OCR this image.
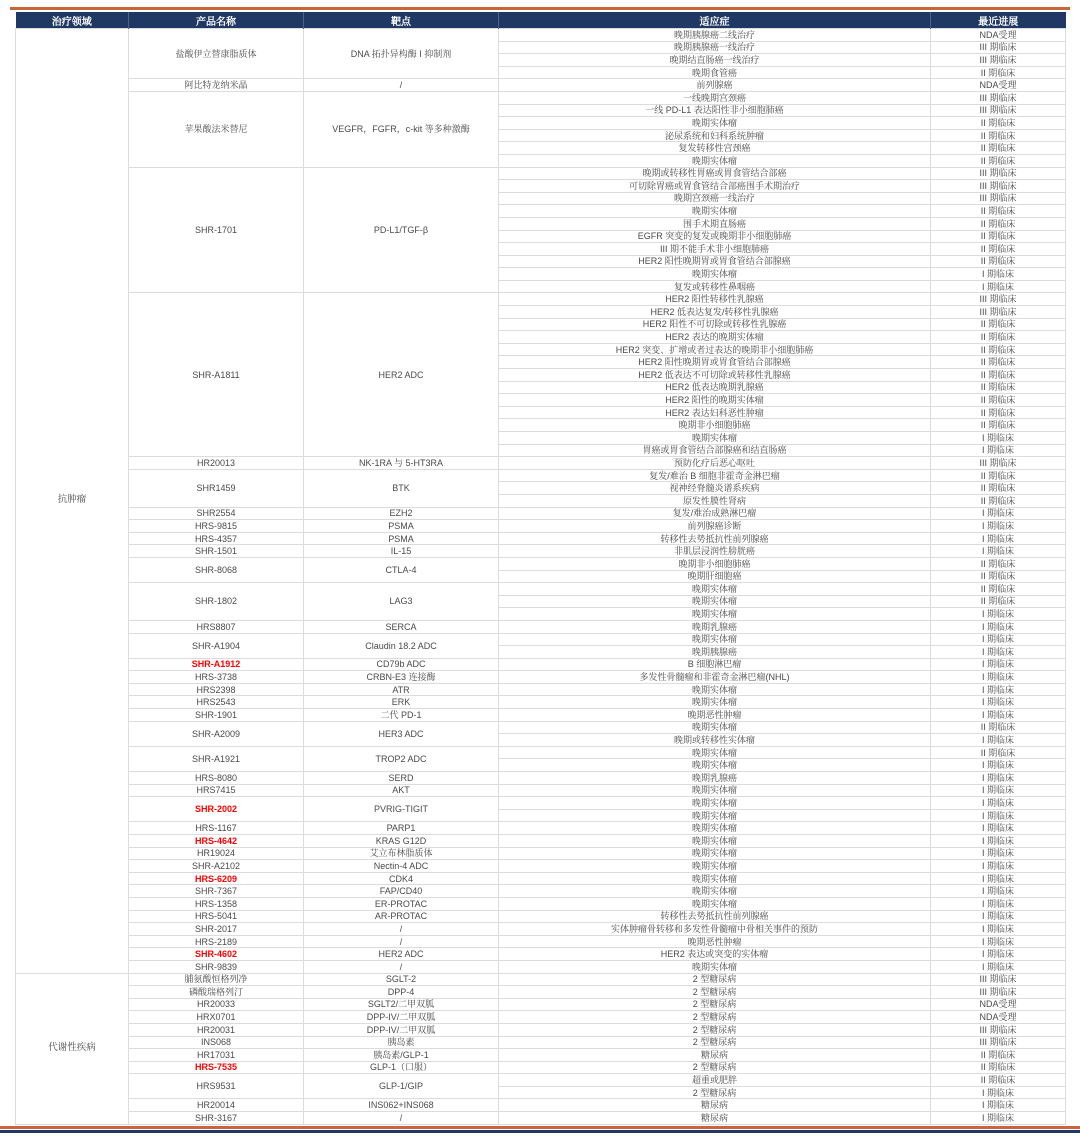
治疗领域	产品名称	靶点	适应症	最近进展
抗肿瘤	盐酸伊立替康脂质体	DNA 拓扑异构酶 I 抑制剂	晚期胰腺癌二线治疗	NDA受理
			晚期胰腺癌一线治疗	III 期临床
			晚期结直肠癌一线治疗	III 期临床
			晚期食管癌	II 期临床
	阿比特龙纳米晶	/	前列腺癌	NDA受理
	苹果酸法米替尼	VEGFR，FGFR，c-kit 等多种激酶	一线晚期宫颈癌	III 期临床
			一线 PD-L1 表达阳性非小细胞肺癌	III 期临床
			晚期实体瘤	II 期临床
			泌尿系统和妇科系统肿瘤	II 期临床
			复发转移性宫颈癌	II 期临床
			晚期实体瘤	II 期临床
	SHR-1701	PD-L1/TGF-β	晚期或转移性胃癌或胃食管结合部癌	III 期临床
			可切除胃癌或胃食管结合部癌围手术期治疗	III 期临床
			晚期宫颈癌一线治疗	III 期临床
			晚期实体瘤	II 期临床
			围手术期直肠癌	II 期临床
			EGFR 突变的复发或晚期非小细胞肺癌	II 期临床
			III 期不能手术非小细胞肺癌	II 期临床
			HER2 阳性晚期胃或胃食管结合部腺癌	II 期临床
			晚期实体瘤	I 期临床
			复发或转移性鼻咽癌	I 期临床
	SHR-A1811	HER2 ADC	HER2 阳性转移性乳腺癌	III 期临床
			HER2 低表达复发/转移性乳腺癌	III 期临床
			HER2 阳性不可切除或转移性乳腺癌	II 期临床
			HER2 表达的晚期实体瘤	II 期临床
			HER2 突变、扩增或者过表达的晚期非小细胞肺癌	II 期临床
			HER2 阳性晚期胃或胃食管结合部腺癌	II 期临床
			HER2 低表达不可切除或转移性乳腺癌	II 期临床
			HER2 低表达晚期乳腺癌	II 期临床
			HER2 阳性的晚期实体瘤	II 期临床
			HER2 表达妇科恶性肿瘤	II 期临床
			晚期非小细胞肺癌	II 期临床
			晚期实体瘤	I 期临床
			胃癌或胃食管结合部腺癌和结直肠癌	I 期临床
	HR20013	NK-1RA 与 5-HT3RA	预防化疗后恶心呕吐	III 期临床
	SHR1459	BTK	复发/难治 B 细胞非霍奇金淋巴瘤	II 期临床
			视神经脊髓炎谱系疾病	II 期临床
			原发性膜性肾病	II 期临床
	SHR2554	EZH2	复发/难治成熟淋巴瘤	I 期临床
	HRS-9815	PSMA	前列腺癌诊断	I 期临床
	HRS-4357	PSMA	转移性去势抵抗性前列腺癌	I 期临床
	SHR-1501	IL-15	非肌层浸润性膀胱癌	I 期临床
	SHR-8068	CTLA-4	晚期非小细胞肺癌	II 期临床
			晚期肝细胞癌	II 期临床
	SHR-1802	LAG3	晚期实体瘤	II 期临床
			晚期实体瘤	II 期临床
			晚期实体瘤	I 期临床
	HRS8807	SERCA	晚期乳腺癌	I 期临床
	SHR-A1904	Claudin 18.2 ADC	晚期实体瘤	I 期临床
			晚期胰腺癌	I 期临床
	SHR-A1912	CD79b ADC	B 细胞淋巴瘤	I 期临床
	HRS-3738	CRBN-E3 连接酶	多发性骨髓瘤和非霍奇金淋巴瘤(NHL)	I 期临床
	HRS2398	ATR	晚期实体瘤	I 期临床
	HRS2543	ERK	晚期实体瘤	I 期临床
	SHR-1901	二代 PD-1	晚期恶性肿瘤	I 期临床
	SHR-A2009	HER3 ADC	晚期实体瘤	II 期临床
			晚期或转移性实体瘤	I 期临床
	SHR-A1921	TROP2 ADC	晚期实体瘤	II 期临床
			晚期实体瘤	I 期临床
	HRS-8080	SERD	晚期乳腺癌	I 期临床
	HRS7415	AKT	晚期实体瘤	I 期临床
	SHR-2002	PVRIG-TIGIT	晚期实体瘤	I 期临床
			晚期实体瘤	I 期临床
	HRS-1167	PARP1	晚期实体瘤	I 期临床
	HRS-4642	KRAS G12D	晚期实体瘤	I 期临床
	HR19024	艾立布林脂质体	晚期实体瘤	I 期临床
	SHR-A2102	Nectin-4 ADC	晚期实体瘤	I 期临床
	HRS-6209	CDK4	晚期实体瘤	I 期临床
	SHR-7367	FAP/CD40	晚期实体瘤	I 期临床
	HRS-1358	ER-PROTAC	晚期实体瘤	I 期临床
	HRS-5041	AR-PROTAC	转移性去势抵抗性前列腺癌	I 期临床
	SHR-2017	/	实体肿瘤骨转移和多发性骨髓瘤中骨相关事件的预防	I 期临床
	HRS-2189	/	晚期恶性肿瘤	I 期临床
	SHR-4602	HER2 ADC	HER2 表达或突变的实体瘤	I 期临床
	SHR-9839	/	晚期实体瘤	I 期临床
代谢性疾病	脯氨酸恒格列净	SGLT-2	2 型糖尿病	III 期临床
	磷酸瑞格列汀	DPP-4	2 型糖尿病	III 期临床
	HR20033	SGLT2/二甲双胍	2 型糖尿病	NDA受理
	HRX0701	DPP-IV/二甲双胍	2 型糖尿病	NDA受理
	HR20031	DPP-IV/二甲双胍	2 型糖尿病	III 期临床
	INS068	胰岛素	2 型糖尿病	III 期临床
	HR17031	胰岛素/GLP-1	糖尿病	II 期临床
	HRS-7535	GLP-1（口服）	2 型糖尿病	II 期临床
	HRS9531	GLP-1/GIP	超重或肥胖	II 期临床
			2 型糖尿病	I 期临床
	HR20014	INS062+INS068	糖尿病	I 期临床
	SHR-3167	/	糖尿病	I 期临床
